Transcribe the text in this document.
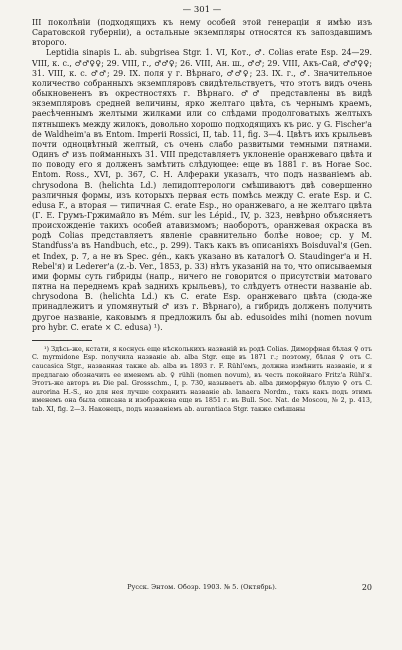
— 301 —

III поколѣніи (подходящихъ къ нему особей этой генераціи я имѣю изъ Саратовской губерніи), а остальные экземпляры относятся къ запоздавшимъ второго.

Leptidia sinapis L. ab. subgrisea Stgr. 1. VI, Кот., ♂. Colias erate Esp. 24—29. VIII, к. с., ♂♂♀♀; 29. VIII, г., ♂♂♀; 26. VIII, Ан. ш., ♂♂; 29. VIII, Акъ-Сай, ♂♂♀♀; 31. VIII, к. с. ♂♂; 29. IX. поля у г. Вѣрнаго, ♂♂♀; 23. IX. г., ♂. Значительное количество собранныхъ экземпляровъ свидѣтельствуетъ, что этотъ видъ очень обыкновененъ въ окрестностяхъ г. Вѣрнаго. ♂♂ представлены въ видѣ экземпляровъ средней величины, ярко желтаго цвѣта, съ чернымъ краемъ, раесѣченнымъ желтыми жилками или со слѣдами продолговатыхъ желтыхъ пятнышекъ между жилокъ, довольно хорошо подходящихъ къ рис. у G. Fischer'a de Waldheim'a въ Entom. Imperii Rossici, II, tab. 11, fig. 3—4. Цвѣтъ ихъ крыльевъ почти одноцвѣтный желтый, съ очень слабо развитыми темными пятнами. Одинъ ♂ изъ пойманныхъ 31. VIII представляетъ уклоненіе оранжеваго цвѣта и по поводу его я долженъ замѣтить слѣдующее: еще въ 1881 г. въ Horae Soc. Entom. Ross., XVI, p. 367, С. Н. Алфераки указалъ, что подъ названіемъ ab. chrysodona B. (helichta Ld.) лепидоптерологи смѣшиваютъ двѣ совершенно различныя формы, изъ которыхъ первая есть помѣсь между C. erate Esp. и C. edusa F., а вторая — типичная C. erate Esp., но оранжеваго, а не желтаго цвѣта (Г. Е. Грумъ-Гржимайло въ Mém. sur les Lépid., IV, p. 323, невѣрно объясняетъ происхожденіе такихъ особей атавизмомъ; наоборотъ, оранжевая окраска въ родѣ Colias представляетъ явленіе сравнительно болѣе новое; ср. у M. Standfuss'a въ Handbuch, etc., p. 299). Такъ какъ въ описаніяхъ Boisduval'я (Gen. et Index, p. 7, а не въ Spec. gén., какъ указано въ каталогѣ O. Staudinger'a и H. Rebel'я) и Lederer'a (z.-b. Ver., 1853, p. 33) нѣтъ указаній на то, что описываемыя ими формы суть гибриды (напр., ничего не говорится о присутствіи матоваго пятна на переднемъ краѣ заднихъ крыльевъ), то слѣдуетъ отнести названіе ab. chrysodona B. (helichta Ld.) къ C. erate Esp. оранжеваго цвѣта (сюда-же принадлежитъ и упомянутый ♂ изъ г. Вѣрнаго), а гибридъ долженъ получить другое названіе, каковымъ я предложилъ бы ab. edusoides mihi (nomen novum pro hybr. C. erate × C. edusa) ¹).

¹) Здѣсь-же, кстати, я коснусь еще нѣсколькихъ названій въ родѣ Colias. Диморфная бѣлая ♀ отъ C. myrmidone Esp. получила названіе ab. alba Stgr. еще въ 1871 г.; поэтому, бѣлая ♀ отъ C. caucasica Stgr., названная также ab. alba въ 1893 г. F. Rühl'емъ, должна измѣнить названіе, и я предлагаю обозначить ее именемъ ab. ♀ rühli (nomen novum), въ честь покойнаго Fritz'а Rühl'я. Этотъ-же авторъ въ Die pal. Grossschm., I, p. 730, называетъ ab. alba диморфную бѣлую ♀ отъ C. aurorina H.-S., но для нея лучше сохранить названіе ab. lanaera Nordm., такъ какъ подъ этимъ именемъ она была описана и изображена еще въ 1851 г. въ Bull. Soc. Nat. de Moscou, № 2, p. 413, tab. XI, fig. 2—3. Наконецъ, подъ названіемъ ab. aurantiaca Stgr. также смѣшаны

Русск. Энтом. Обозр. 1903. № 5. (Октябрь).	20
